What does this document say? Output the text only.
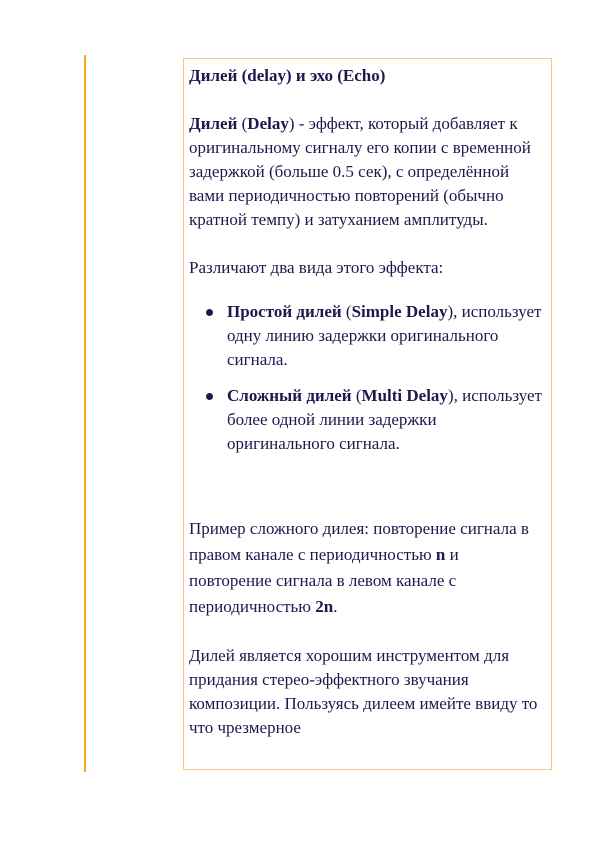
Дилей (delay) и эхо (Echo)

Дилей (Delay) - эффект, который добавляет к оригинальному сигналу его копии с временной задержкой (больше 0.5 сек), с определённой вами периодичностью повторений (обычно кратной темпу) и затуханием амплитуды.

Различают два вида этого эффекта:

Простой дилей (Simple Delay), использует одну линию задержки оригинального сигнала.
Сложный дилей (Multi Delay), использует более одной линии задержки оригинального сигнала.

Пример сложного дилея: повторение сигнала в правом канале с периодичностью n и повторение сигнала в левом канале с периодичностью 2n.

Дилей является хорошим инструментом для придания стерео-эффектного звучания композиции. Пользуясь дилеем имейте ввиду то что чрезмерное
